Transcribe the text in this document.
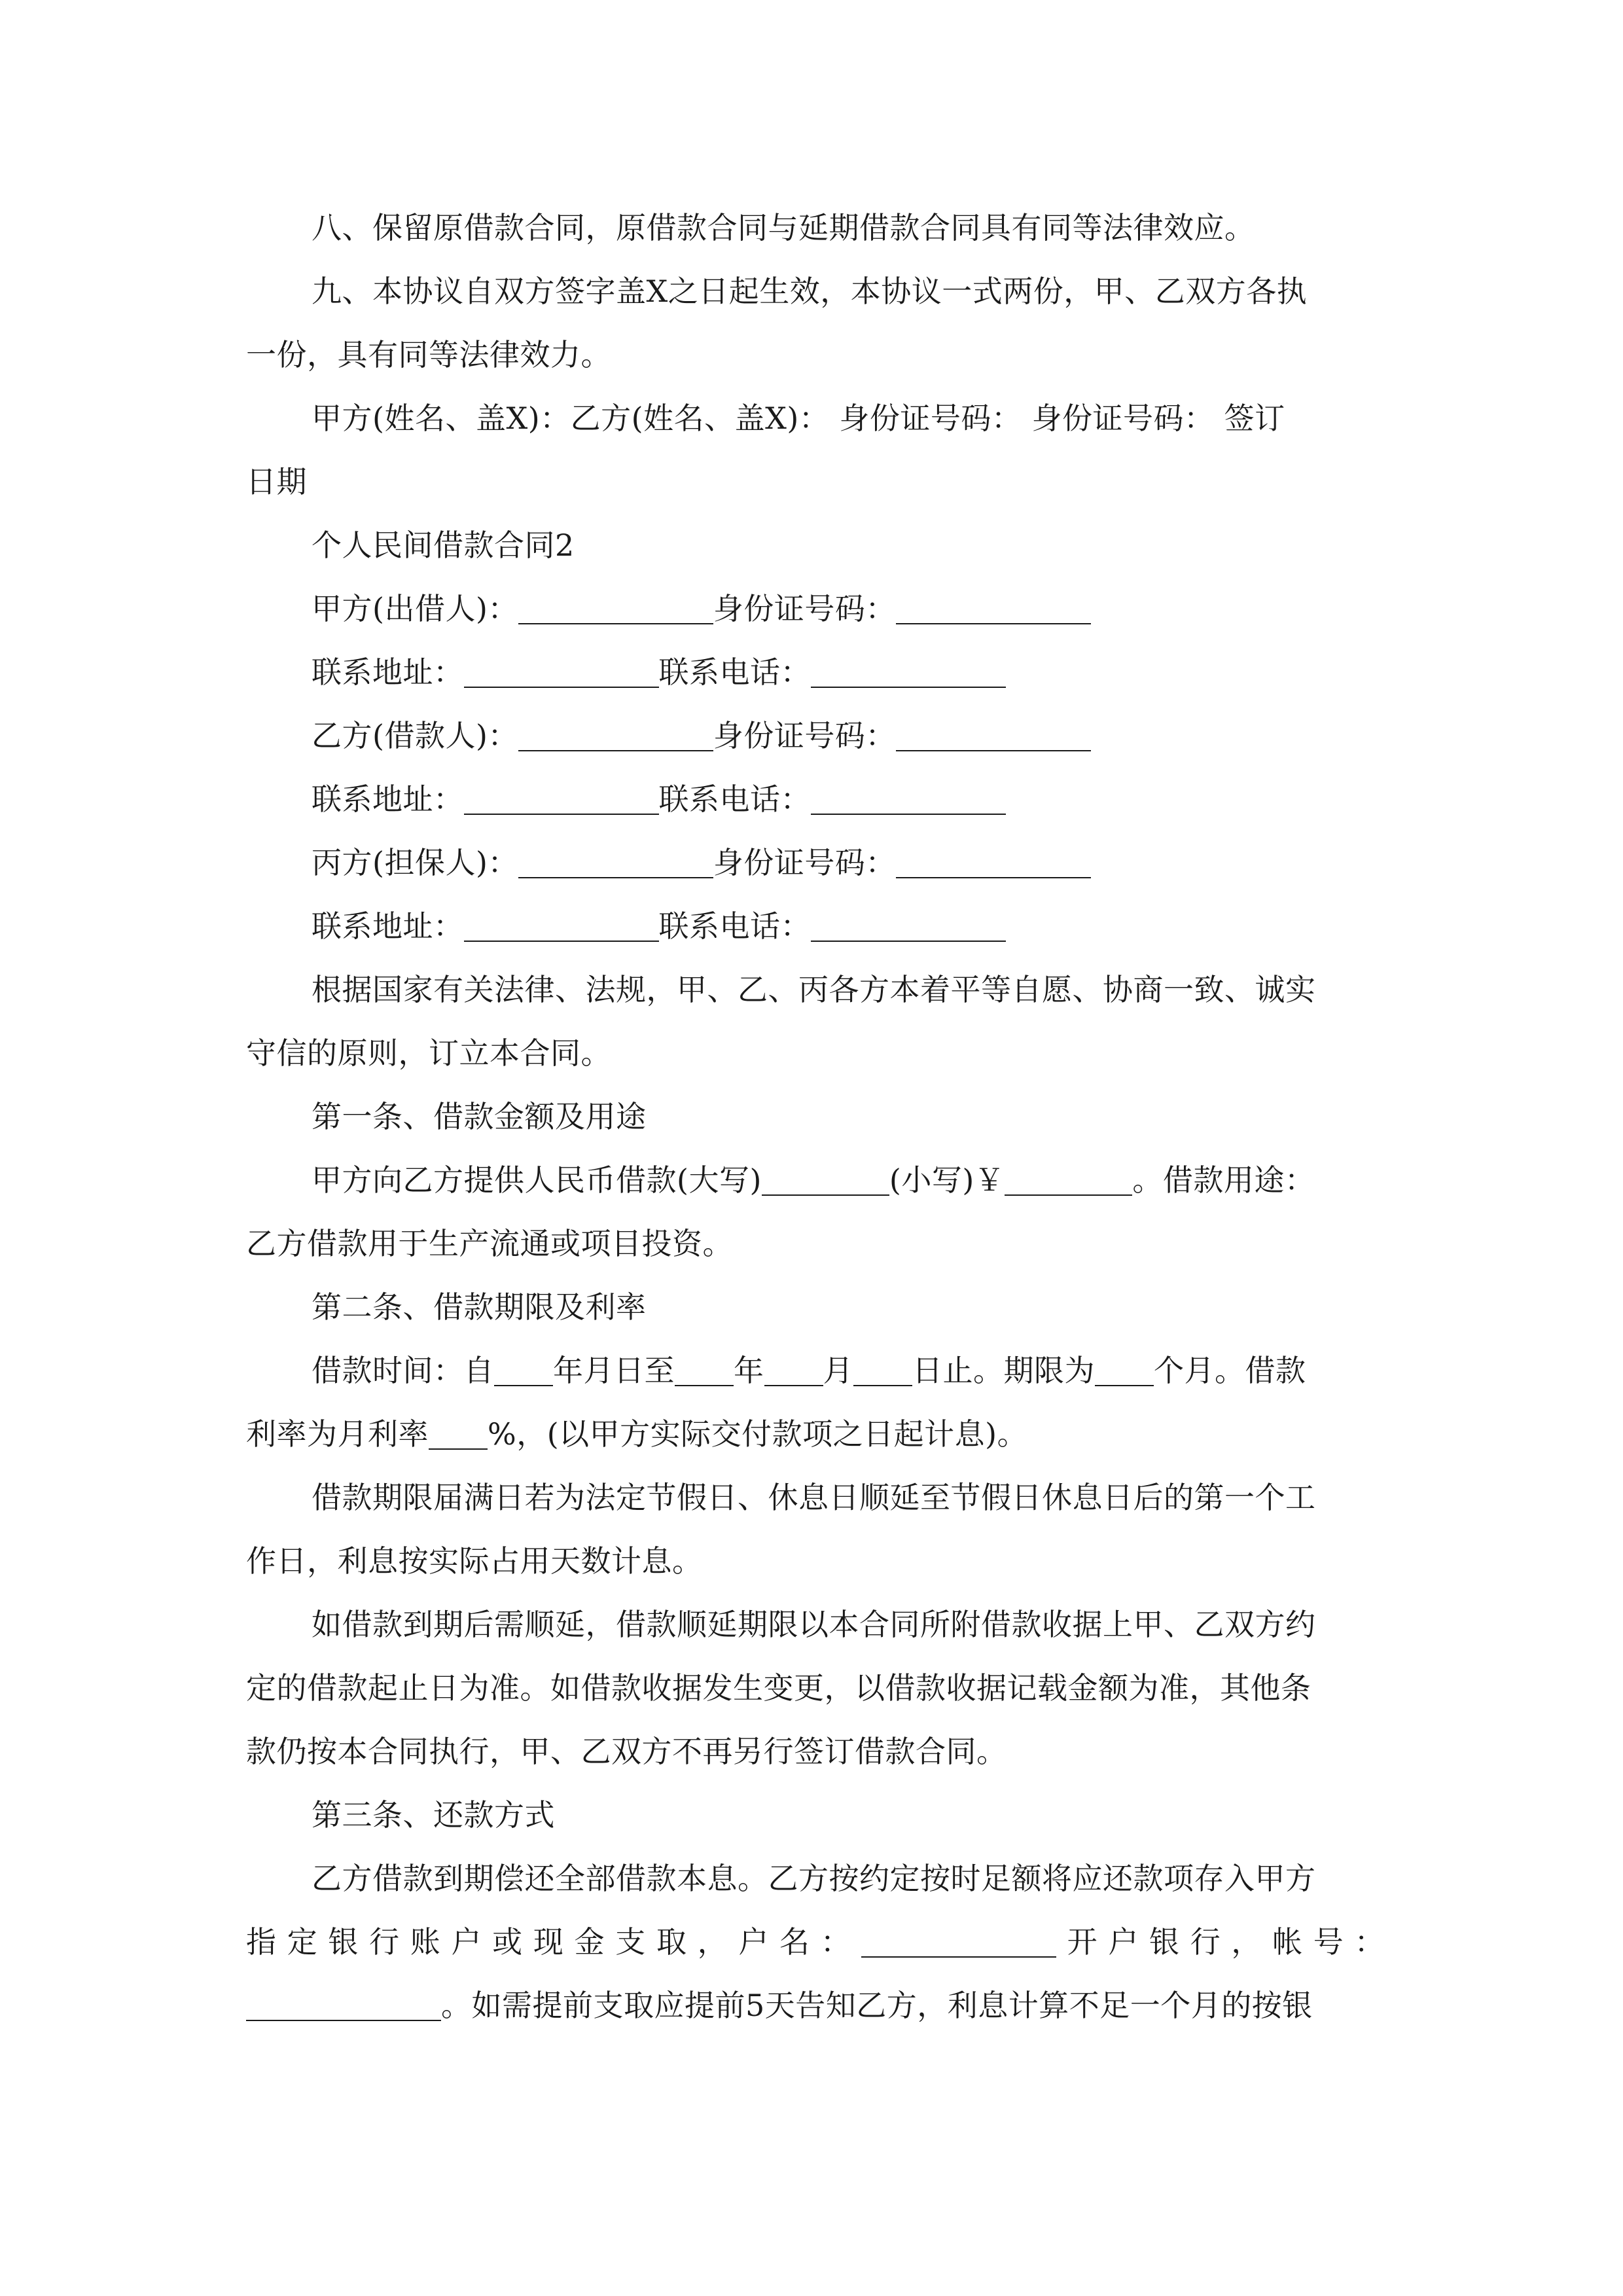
八、保留原借款合同，原借款合同与延期借款合同具有同等法律效应。
九、本协议自双方签字盖X之日起生效，本协议一式两份，甲、乙双方各执
一份，具有同等法律效力。
甲方(姓名、盖X)：乙方(姓名、盖X)： 身份证号码： 身份证号码： 签订
日期
个人民间借款合同2
甲方(出借人)：	身份证号码：
联系地址：	联系电话：
乙方(借款人)：	身份证号码：
联系地址：	联系电话：
丙方(担保人)：	身份证号码：
联系地址：	联系电话：
根据国家有关法律、法规，甲、乙、丙各方本着平等自愿、协商一致、诚实
守信的原则，订立本合同。
第一条、借款金额及用途
甲方向乙方提供人民币借款(大写)	(小写)￥	。借款用途：
乙方借款用于生产流通或项目投资。
第二条、借款期限及利率
借款时间：自 年月日至 年 月 日止。期限为 个月。借款
利率为月利率 %，(以甲方实际交付款项之日起计息)。
借款期限届满日若为法定节假日、休息日顺延至节假日休息日后的第一个工
作日，利息按实际占用天数计息。
如借款到期后需顺延，借款顺延期限以本合同所附借款收据上甲、乙双方约
定的借款起止日为准。如借款收据发生变更，以借款收据记载金额为准，其他条
款仍按本合同执行，甲、乙双方不再另行签订借款合同。
第三条、还款方式
乙方借款到期偿还全部借款本息。乙方按约定按时足额将应还款项存入甲方
指定银行账户或现金支取，户名：	开户银行，帐号：
。如需提前支取应提前5天告知乙方，利息计算不足一个月的按银
